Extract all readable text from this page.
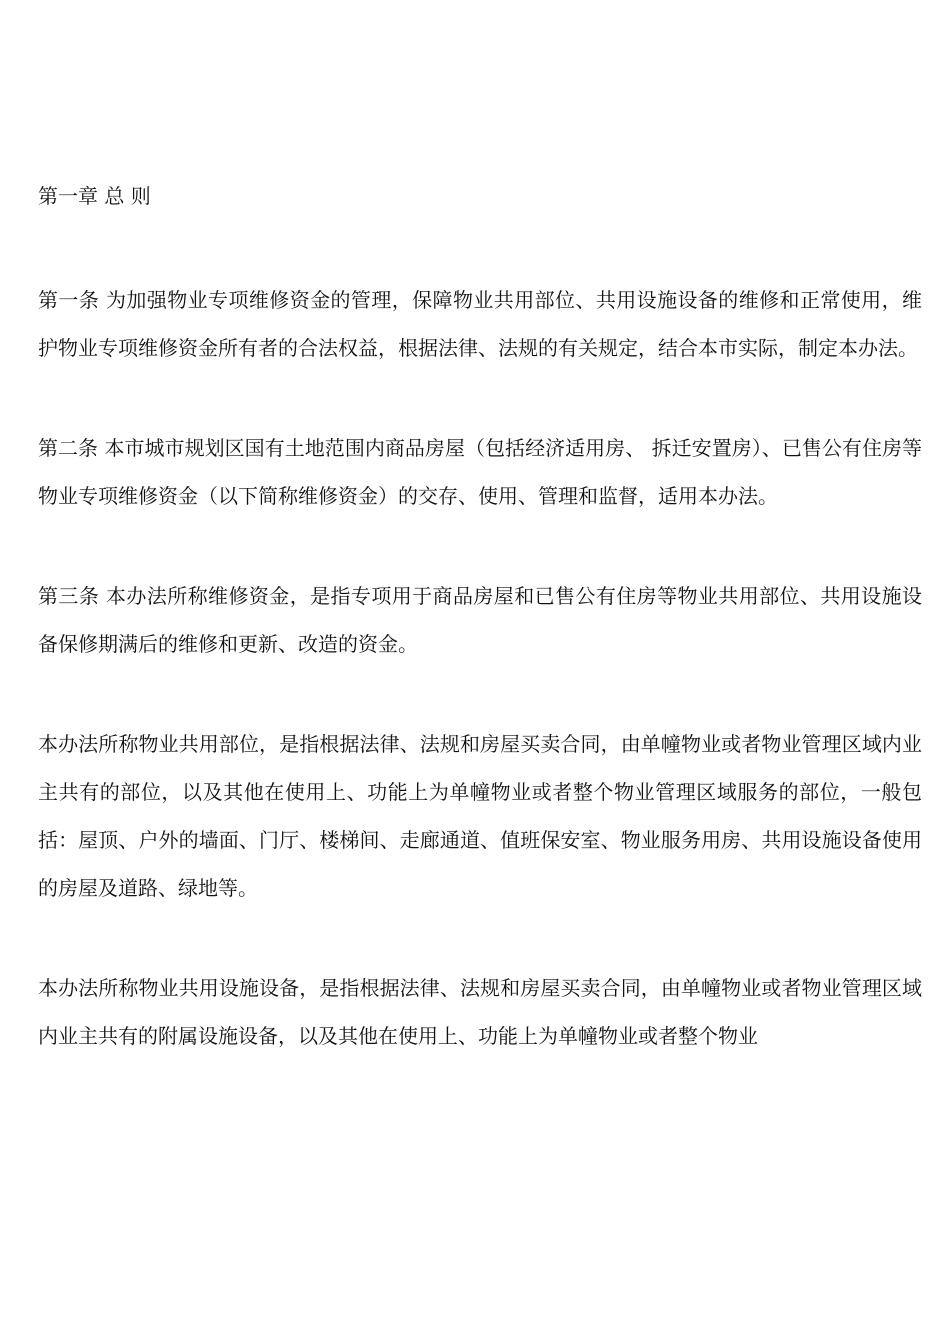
第一章 总 则

第一条 为加强物业专项维修资金的管理，保障物业共用部位、共用设施设备的维修和正常使用，维护物业专项维修资金所有者的合法权益，根据法律、法规的有关规定，结合本市实际，制定本办法。

第二条 本市城市规划区国有土地范围内商品房屋（包括经济适用房、 拆迁安置房）、已售公有住房等物业专项维修资金（以下简称维修资金）的交存、使用、管理和监督，适用本办法。

第三条 本办法所称维修资金，是指专项用于商品房屋和已售公有住房等物业共用部位、共用设施设备保修期满后的维修和更新、改造的资金。

本办法所称物业共用部位，是指根据法律、法规和房屋买卖合同，由单幢物业或者物业管理区域内业主共有的部位，以及其他在使用上、功能上为单幢物业或者整个物业管理区域服务的部位，一般包括：屋顶、户外的墙面、门厅、楼梯间、走廊通道、值班保安室、物业服务用房、共用设施设备使用的房屋及道路、绿地等。

本办法所称物业共用设施设备，是指根据法律、法规和房屋买卖合同，由单幢物业或者物业管理区域内业主共有的附属设施设备，以及其他在使用上、功能上为单幢物业或者整个物业
